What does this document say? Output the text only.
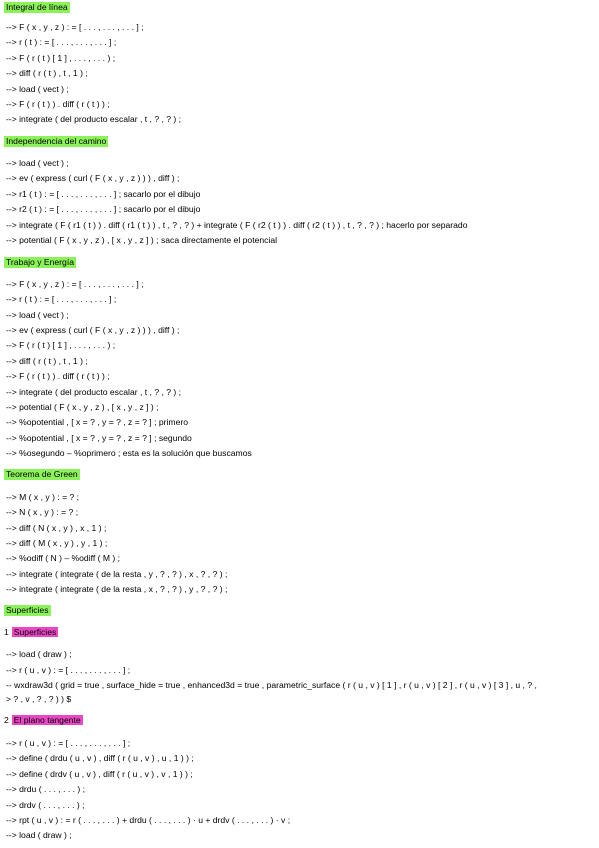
Integral de línea
--> F ( x , y , z ) : = [ . . . , . . . , . . . ] ;
--> r ( t ) : = [ . . . , . . . , . . . ] ;
--> F ( r ( t ) [ 1 ] , . . . , . . . ) ;
--> diff ( r ( t ) , t , 1 ) ;
--> load ( vect ) ;
--> F ( r ( t ) ) . diff ( r ( t ) ) ;
--> integrate ( del producto escalar , t , ? , ? ) ;
Independencia del camino
--> load ( vect ) ;
--> ev ( express ( curl ( F ( x , y , z ) ) ) , diff ) ;
--> r1 ( t ) : = [ . . . , . . . , . . . ] ; sacarlo por el dibujo
--> r2 ( t ) : = [ . . . , . . . , . . . ] ; sacarlo por el dibujo
--> integrate ( F ( r1 ( t ) ) . diff ( r1 ( t ) ) , t , ? , ? ) + integrate ( F ( r2 ( t ) ) . diff ( r2 ( t ) ) , t , ? , ? ) ; hacerlo por separado
--> potential ( F ( x , y , z ) , [ x , y , z ] ) ; saca directamente el potencial
Trabajo y Energía
--> F ( x , y , z ) : = [ . . . , . . . , . . . ] ;
--> r ( t ) : = [ . . . , . . . , . . . ] ;
--> load ( vect ) ;
--> ev ( express ( curl ( F ( x , y , z ) ) ) , diff ) ;
--> F ( r ( t ) [ 1 ] , . . . , . . . ) ;
--> diff ( r ( t ) , t , 1 ) ;
--> F ( r ( t ) ) . diff ( r ( t ) ) ;
--> integrate ( del producto escalar , t , ? , ? ) ;
--> potential ( F ( x , y , z ) , [ x , y , z ] ) ;
--> %opotential , [ x = ? , y = ? , z = ? ] ; primero
--> %opotential , [ x = ? , y = ? , z = ? ] ; segundo
--> %osegundo – %oprimero ; esta es la solución que buscamos
Teorema de Green
--> M ( x , y ) : = ? ;
--> N ( x , y ) : = ? ;
--> diff ( N ( x , y ) , x , 1 ) ;
--> diff ( M ( x , y ) , y , 1 ) ;
--> %odiff ( N ) – %odiff ( M ) ;
--> integrate ( integrate ( de la resta , y , ? , ? ) , x , ? , ? ) ;
--> integrate ( integrate ( de la resta , x , ? , ? ) , y , ? , ? ) ;
Superficies
1 Superficies
--> load ( draw ) ;
--> r ( u , v ) : = [ . . . , . . . , . . . ] ;
-- wxdraw3d ( grid = true , surface_hide = true , enhanced3d = true , parametric_surface ( r ( u , v ) [ 1 ] , r ( u , v ) [ 2 ] , r ( u , v ) [ 3 ] , u , ? ,
> ? , v , ? , ? ) ) $
2 El plano tangente
--> r ( u , v ) : = [ . . . , . . . , . . . ] ;
--> define ( drdu ( u , v ) , diff ( r ( u , v ) , u , 1 ) ) ;
--> define ( drdv ( u , v ) , diff ( r ( u , v ) , v , 1 ) ) ;
--> drdu ( . . . , . . . ) ;
--> drdv ( . . . , . . . ) ;
--> rpt ( u , v ) : = r ( . . . , . . . ) + drdu ( . . . , . . . ) · u + drdv ( . . . , . . . ) · v ;
--> load ( draw ) ;
